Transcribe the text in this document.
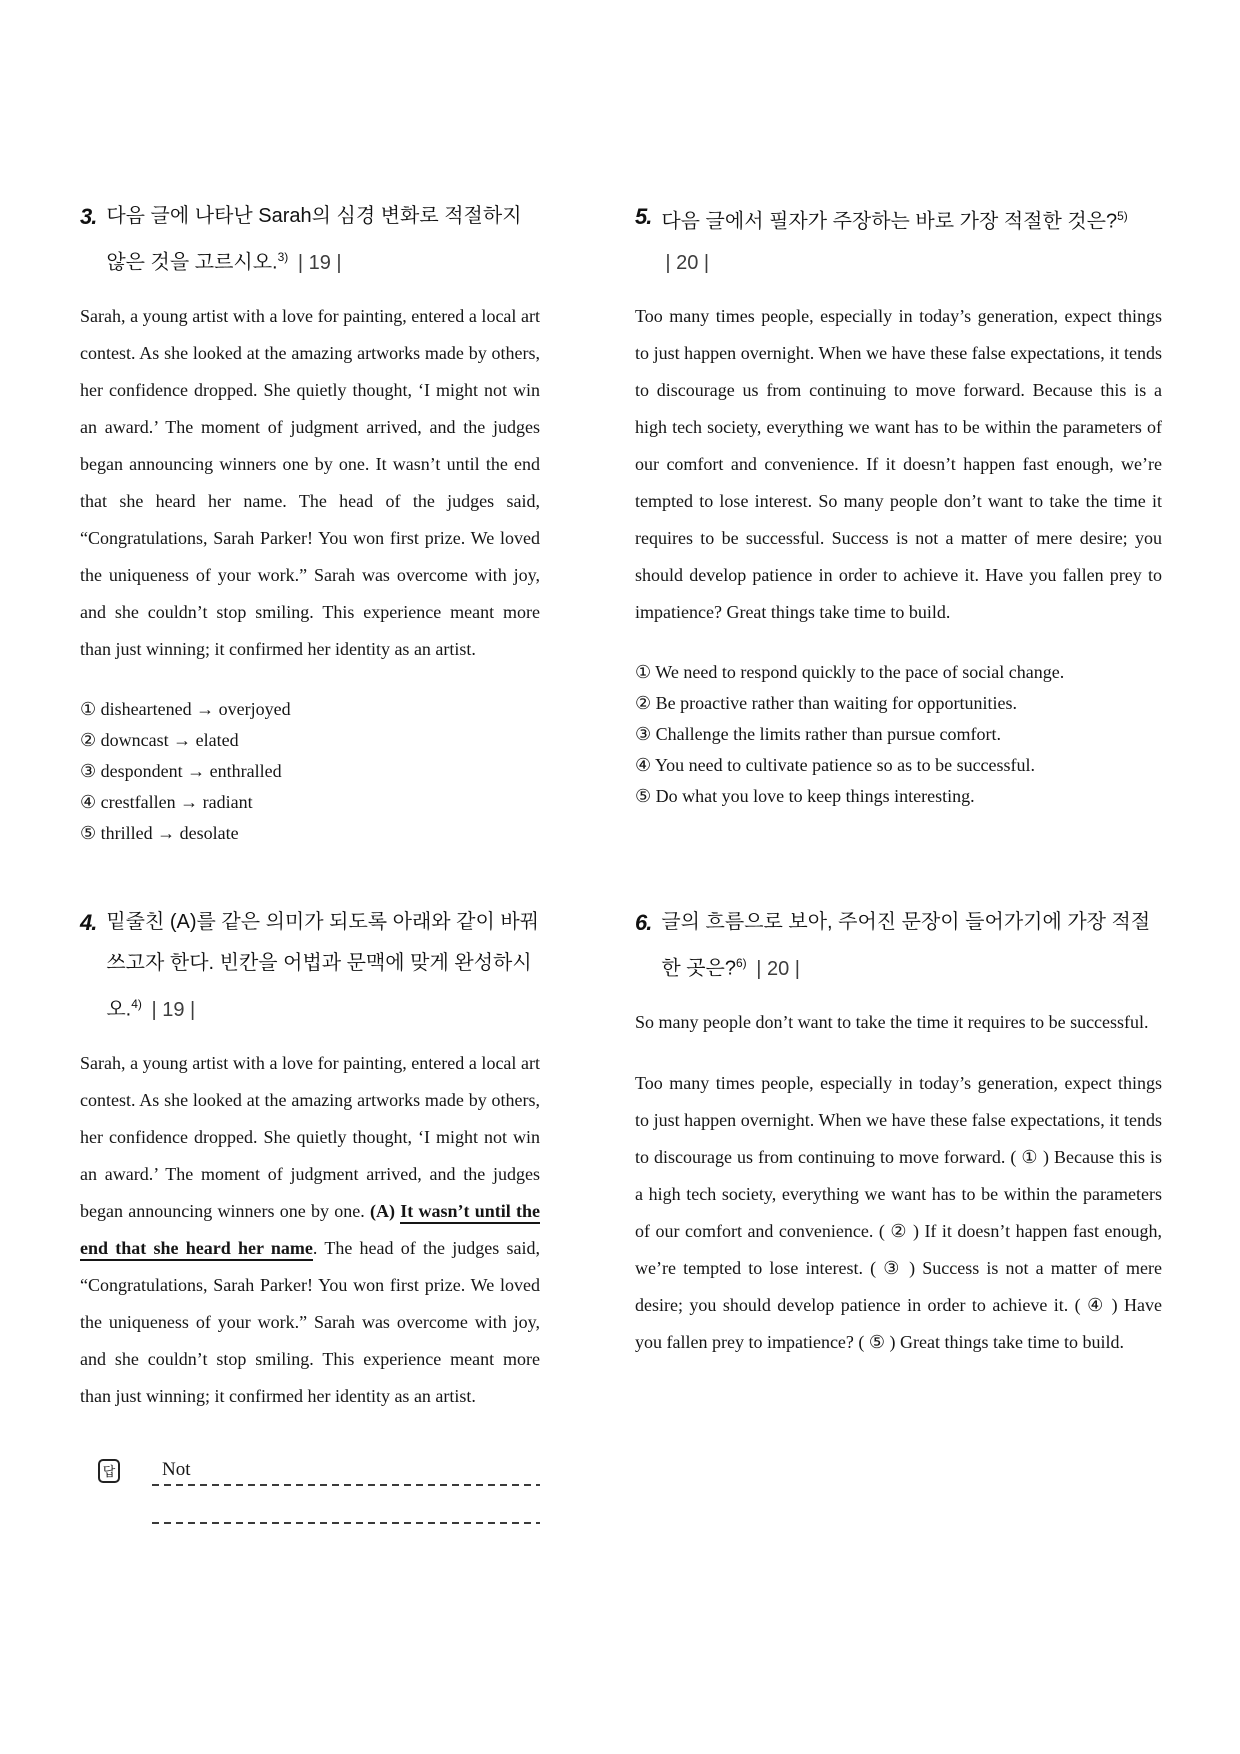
3. 다음 글에 나타난 Sarah의 심경 변화로 적절하지 않은 것을 고르시오.$^{3)}$ | 19 |

Sarah, a young artist with a love for painting, entered a local art contest. As she looked at the amazing artworks made by others, her confidence dropped. She quietly thought, ‘I might not win an award.’ The moment of judgment arrived, and the judges began announcing winners one by one. It wasn’t until the end that she heard her name. The head of the judges said, “Congratulations, Sarah Parker! You won first prize. We loved the uniqueness of your work.” Sarah was overcome with joy, and she couldn’t stop smiling. This experience meant more than just winning; it confirmed her identity as an artist.

① disheartened → overjoyed
② downcast → elated
③ despondent → enthralled
④ crestfallen → radiant
⑤ thrilled → desolate
4. 밑줄친 (A)를 같은 의미가 되도록 아래와 같이 바꿔 쓰고자 한다. 빈칸을 어법과 문맥에 맞게 완성하시오.$^{4)}$ | 19 |

Sarah, a young artist with a love for painting, entered a local art contest. As she looked at the amazing artworks made by others, her confidence dropped. She quietly thought, ‘I might not win an award.’ The moment of judgment arrived, and the judges began announcing winners one by one. (A) It wasn’t until the end that she heard her name. The head of the judges said, “Congratulations, Sarah Parker! You won first prize. We loved the uniqueness of your work.” Sarah was overcome with joy, and she couldn’t stop smiling. This experience meant more than just winning; it confirmed her identity as an artist.

답	Not
5. 다음 글에서 필자가 주장하는 바로 가장 적절한 것은?$^{5)}$ | 20 |

Too many times people, especially in today’s generation, expect things to just happen overnight. When we have these false expectations, it tends to discourage us from continuing to move forward. Because this is a high tech society, everything we want has to be within the parameters of our comfort and convenience. If it doesn’t happen fast enough, we’re tempted to lose interest. So many people don’t want to take the time it requires to be successful. Success is not a matter of mere desire; you should develop patience in order to achieve it. Have you fallen prey to impatience? Great things take time to build.

① We need to respond quickly to the pace of social change.
② Be proactive rather than waiting for opportunities.
③ Challenge the limits rather than pursue comfort.
④ You need to cultivate patience so as to be successful.
⑤ Do what you love to keep things interesting.
6. 글의 흐름으로 보아, 주어진 문장이 들어가기에 가장 적절한 곳은?$^{6)}$ | 20 |

So many people don’t want to take the time it requires to be successful.

Too many times people, especially in today’s generation, expect things to just happen overnight. When we have these false expectations, it tends to discourage us from continuing to move forward. ( ① ) Because this is a high tech society, everything we want has to be within the parameters of our comfort and convenience. ( ② ) If it doesn’t happen fast enough, we’re tempted to lose interest. ( ③ ) Success is not a matter of mere desire; you should develop patience in order to achieve it. ( ④ ) Have you fallen prey to impatience? ( ⑤ ) Great things take time to build.
